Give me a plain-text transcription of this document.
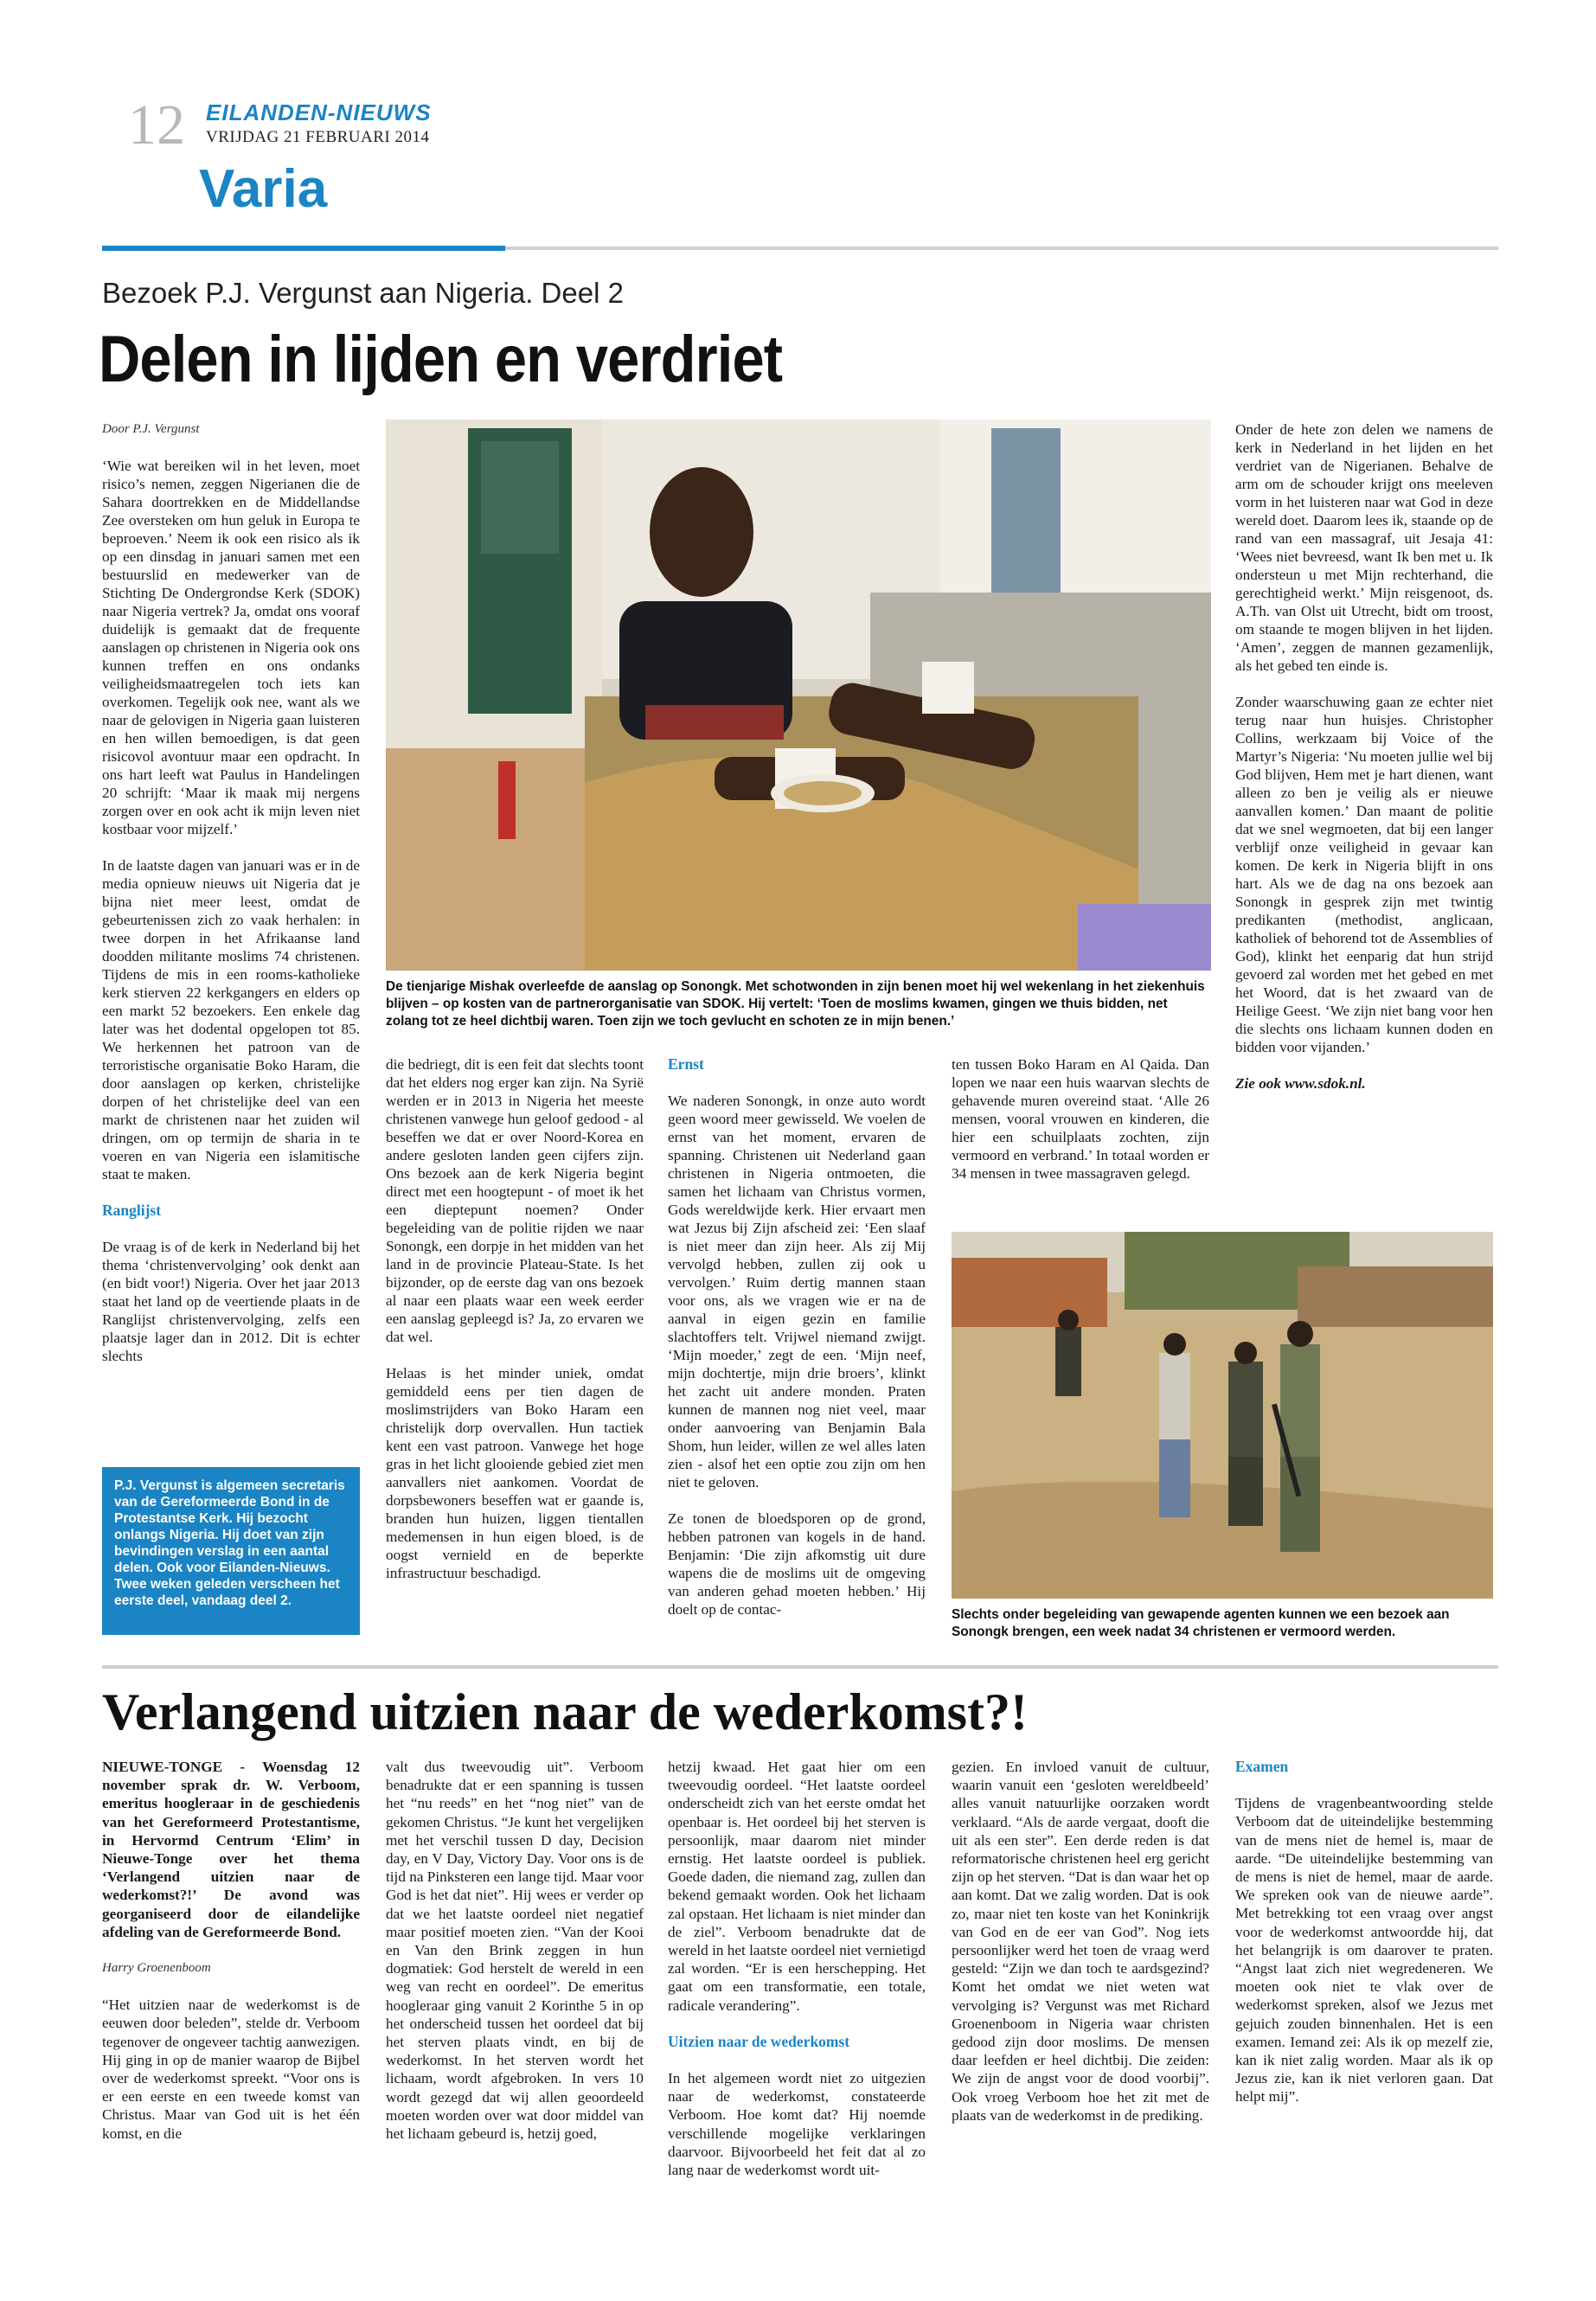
12 EILANDEN-NIEUWS
VRIJDAG 21 FEBRUARI 2014
Varia
Bezoek P.J. Vergunst aan Nigeria. Deel 2
Delen in lijden en verdriet

Door P.J. Vergunst

‘Wie wat bereiken wil in het leven, moet risico’s nemen, zeggen Nigerianen die de Sahara doortrekken en de Middellandse Zee oversteken om hun geluk in Europa te beproeven.’ Neem ik ook een risico als ik op een dinsdag in januari samen met een bestuurslid en medewerker van de Stichting De Ondergrondse Kerk (SDOK) naar Nigeria vertrek? Ja, omdat ons vooraf duidelijk is gemaakt dat de frequente aanslagen op christenen in Nigeria ook ons kunnen treffen en ons ondanks veiligheidsmaatregelen toch iets kan overkomen. Tegelijk ook nee, want als we naar de gelovigen in Nigeria gaan luisteren en hen willen bemoedigen, is dat geen risicovol avontuur maar een opdracht. In ons hart leeft wat Paulus in Handelingen 20 schrijft: ‘Maar ik maak mij nergens zorgen over en ook acht ik mijn leven niet kostbaar voor mijzelf.’

In de laatste dagen van januari was er in de media opnieuw nieuws uit Nigeria dat je bijna niet meer leest, omdat de gebeurtenissen zich zo vaak herhalen: in twee dorpen in het Afrikaanse land doodden militante moslims 74 christenen. Tijdens de mis in een rooms-katholieke kerk stierven 22 kerkgangers en elders op een markt 52 bezoekers. Een enkele dag later was het dodental opgelopen tot 85. We herkennen het patroon van de terroristische organisatie Boko Haram, die door aanslagen op kerken, christelijke dorpen of het christelijke deel van een markt de christenen naar het zuiden wil dringen, om op termijn de sharia in te voeren en van Nigeria een islamitische staat te maken.

Ranglijst

De vraag is of de kerk in Nederland bij het thema ‘christenvervolging’ ook denkt aan (en bidt voor!) Nigeria. Over het jaar 2013 staat het land op de veertiende plaats in de Ranglijst christenvervolging, zelfs een plaatsje lager dan in 2012. Dit is echter slechts

P.J. Vergunst is algemeen secretaris van de Gereformeerde Bond in de Protestantse Kerk. Hij bezocht onlangs Nigeria. Hij doet van zijn bevindingen verslag in een aantal delen. Ook voor Eilanden-Nieuws. Twee weken geleden verscheen het eerste deel, vandaag deel 2.
De tienjarige Mishak overleefde de aanslag op Sonongk. Met schotwonden in zijn benen moet hij wel wekenlang in het ziekenhuis blijven – op kosten van de partnerorganisatie van SDOK. Hij vertelt: ‘Toen de moslims kwamen, gingen we thuis bidden, net zolang tot ze heel dichtbij waren. Toen zijn we toch gevlucht en schoten ze in mijn benen.’

die bedriegt, dit is een feit dat slechts toont dat het elders nog erger kan zijn. Na Syrië werden er in 2013 in Nigeria het meeste christenen vanwege hun geloof gedood - al beseffen we dat er over Noord-Korea en andere gesloten landen geen cijfers zijn. Ons bezoek aan de kerk Nigeria begint direct met een hoogtepunt - of moet ik het een dieptepunt noemen? Onder begeleiding van de politie rijden we naar Sonongk, een dorpje in het midden van het land in de provincie Plateau-State. Is het bijzonder, op de eerste dag van ons bezoek al naar een plaats waar een week eerder een aanslag gepleegd is? Ja, zo ervaren we dat wel.

Helaas is het minder uniek, omdat gemiddeld eens per tien dagen de moslimstrijders van Boko Haram een christelijk dorp overvallen. Hun tactiek kent een vast patroon. Vanwege het hoge gras in het licht glooiende gebied ziet men aanvallers niet aankomen. Voordat de dorpsbewoners beseffen wat er gaande is, branden hun huizen, liggen tientallen medemensen in hun eigen bloed, is de oogst vernield en de beperkte infrastructuur beschadigd.

Ernst

We naderen Sonongk, in onze auto wordt geen woord meer gewisseld. We voelen de ernst van het moment, ervaren de spanning. Christenen uit Nederland gaan christenen in Nigeria ontmoeten, die samen het lichaam van Christus vormen, Gods wereldwijde kerk. Hier ervaart men wat Jezus bij Zijn afscheid zei: ‘Een slaaf is niet meer dan zijn heer. Als zij Mij vervolgd hebben, zullen zij ook u vervolgen.’ Ruim dertig mannen staan voor ons, als we vragen wie er na de aanval in eigen gezin en familie slachtoffers telt. Vrijwel niemand zwijgt. ‘Mijn moeder,’ zegt de een. ‘Mijn neef, mijn dochtertje, mijn drie broers’, klinkt het zacht uit andere monden. Praten kunnen de mannen nog niet veel, maar onder aanvoering van Benjamin Bala Shom, hun leider, willen ze wel alles laten zien - alsof het een optie zou zijn om hen niet te geloven.

Ze tonen de bloedsporen op de grond, hebben patronen van kogels in de hand. Benjamin: ‘Die zijn afkomstig uit dure wapens die de moslims uit de omgeving van anderen gehad moeten hebben.’ Hij doelt op de contac-

ten tussen Boko Haram en Al Qaida. Dan lopen we naar een huis waarvan slechts de gehavende muren overeind staat. ‘Alle 26 mensen, vooral vrouwen en kinderen, die hier een schuilplaats zochten, zijn vermoord en verbrand.’ In totaal worden er 34 mensen in twee massagraven gelegd.

Onder de hete zon delen we namens de kerk in Nederland in het lijden en het verdriet van de Nigerianen. Behalve de arm om de schouder krijgt ons meeleven vorm in het luisteren naar wat God in deze wereld doet. Daarom lees ik, staande op de rand van een massagraf, uit Jesaja 41: ‘Wees niet bevreesd, want Ik ben met u. Ik ondersteun u met Mijn rechterhand, die gerechtigheid werkt.’ Mijn reisgenoot, ds. A.Th. van Olst uit Utrecht, bidt om troost, om staande te mogen blijven in het lijden. ‘Amen’, zeggen de mannen gezamenlijk, als het gebed ten einde is.

Zonder waarschuwing gaan ze echter niet terug naar hun huisjes. Christopher Collins, werkzaam bij Voice of the Martyr’s Nigeria: ‘Nu moeten jullie wel bij God blijven, Hem met je hart dienen, want alleen zo ben je veilig als er nieuwe aanvallen komen.’ Dan maant de politie dat we snel wegmoeten, dat bij een langer verblijf onze veiligheid in gevaar kan komen. De kerk in Nigeria blijft in ons hart. Als we de dag na ons bezoek aan Sonongk in gesprek zijn met twintig predikanten (methodist, anglicaan, katholiek of behorend tot de Assemblies of God), klinkt het eenparig dat hun strijd gevoerd zal worden met het gebed en met het Woord, dat is het zwaard van de Heilige Geest. ‘We zijn niet bang voor hen die slechts ons lichaam kunnen doden en bidden voor vijanden.’

Zie ook www.sdok.nl.

Slechts onder begeleiding van gewapende agenten kunnen we een bezoek aan Sonongk brengen, een week nadat 34 christenen er vermoord werden.
Verlangend uitzien naar de wederkomst?!

NIEUWE-TONGE - Woensdag 12 november sprak dr. W. Verboom, emeritus hoogleraar in de geschiedenis van het Gereformeerd Protestantisme, in Hervormd Centrum ‘Elim’ in Nieuwe-Tonge over het thema ‘Verlangend uitzien naar de wederkomst?!’ De avond was georganiseerd door de eilandelijke afdeling van de Gereformeerde Bond.

Harry Groenenboom

“Het uitzien naar de wederkomst is de eeuwen door beleden”, stelde dr. Verboom tegenover de ongeveer tachtig aanwezigen. Hij ging in op de manier waarop de Bijbel over de wederkomst spreekt. “Voor ons is er een eerste en een tweede komst van Christus. Maar van God uit is het één komst, en die

valt dus tweevoudig uit”. Verboom benadrukte dat er een spanning is tussen het “nu reeds” en het “nog niet” van de gekomen Christus. “Je kunt het vergelijken met het verschil tussen D day, Decision day, en V Day, Victory Day. Voor ons is de tijd na Pinksteren een lange tijd. Maar voor God is het dat niet”. Hij wees er verder op dat we het laatste oordeel niet negatief maar positief moeten zien. “Van der Kooi en Van den Brink zeggen in hun dogmatiek: God herstelt de wereld in een weg van recht en oordeel”. De emeritus hoogleraar ging vanuit 2 Korinthe 5 in op het onderscheid tussen het oordeel dat bij het sterven plaats vindt, en bij de wederkomst. In het sterven wordt het lichaam, wordt afgebroken. In vers 10 wordt gezegd dat wij allen geoordeeld moeten worden over wat door middel van het lichaam gebeurd is, hetzij goed,

hetzij kwaad. Het gaat hier om een tweevoudig oordeel. “Het laatste oordeel onderscheidt zich van het eerste omdat het openbaar is. Het oordeel bij het sterven is persoonlijk, maar daarom niet minder ernstig. Het laatste oordeel is publiek. Goede daden, die niemand zag, zullen dan bekend gemaakt worden. Ook het lichaam zal opstaan. Het lichaam is niet minder dan de ziel”. Verboom benadrukte dat de wereld in het laatste oordeel niet vernietigd zal worden. “Er is een herschepping. Het gaat om een transformatie, een totale, radicale verandering”.

Uitzien naar de wederkomst

In het algemeen wordt niet zo uitgezien naar de wederkomst, constateerde Verboom. Hoe komt dat? Hij noemde verschillende mogelijke verklaringen daarvoor. Bijvoorbeeld het feit dat al zo lang naar de wederkomst wordt uit-

gezien. En invloed vanuit de cultuur, waarin vanuit een ‘gesloten wereldbeeld’ alles vanuit natuurlijke oorzaken wordt verklaard. “Als de aarde vergaat, dooft die uit als een ster”. Een derde reden is dat reformatorische christenen heel erg gericht zijn op het sterven. “Dat is dan waar het op aan komt. Dat we zalig worden. Dat is ook zo, maar niet ten koste van het Koninkrijk van God en de eer van God”. Nog iets persoonlijker werd het toen de vraag werd gesteld: “Zijn we dan toch te aardsgezind? Komt het omdat we niet weten wat vervolging is? Vergunst was met Richard Groenenboom in Nigeria waar christen gedood zijn door moslims. De mensen daar leefden er heel dichtbij. Die zeiden: We zijn de angst voor de dood voorbij”. Ook vroeg Verboom hoe het zit met de plaats van de wederkomst in de prediking.

Examen

Tijdens de vragenbeantwoording stelde Verboom dat de uiteindelijke bestemming van de mens niet de hemel is, maar de aarde. “De uiteindelijke bestemming van de mens is niet de hemel, maar de aarde. We spreken ook van de nieuwe aarde”. Met betrekking tot een vraag over angst voor de wederkomst antwoordde hij, dat het belangrijk is om daarover te praten. “Angst laat zich niet wegredeneren. We moeten ook niet te vlak over de wederkomst spreken, alsof we Jezus met gejuich zouden binnenhalen. Het is een examen. Iemand zei: Als ik op mezelf zie, kan ik niet zalig worden. Maar als ik op Jezus zie, kan ik niet verloren gaan. Dat helpt mij”.
